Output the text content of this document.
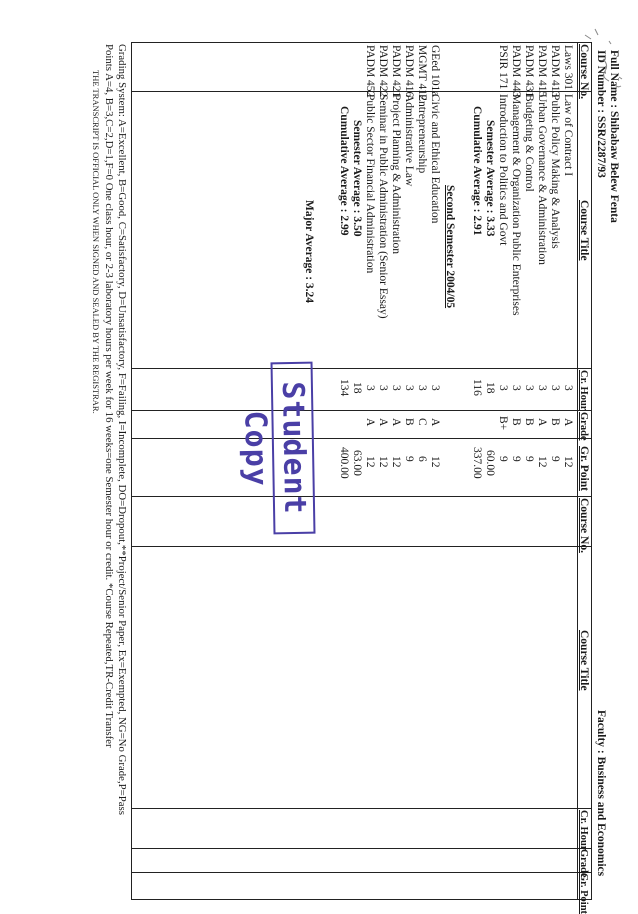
Full Name : Shibabaw Belew Fenta
ID Number : SSR/2287/93
Faculty : Business and Economics
Course No.
Course Title
Cr. Hour
Grade
Gr. Point
Course No.
Course Title
Cr. Hour
Grade
Gr. Point
Laws 301
Law of Contract I
3
A
12
PADM 413
Public Policy Making & Analysis
3
B
9
PADM 415
Urban Governance & Administration
3
A
12
PADM 431
Budgeting & Control
3
B
9
PADM 443
Management & Organization Public Enterprises
3
B
9
PSIR 171
Introduction to Politics and Govt
3
B+
9
Semester Average : 3.33
18
60.00
Cumulative Average : 2.91
116
337.00
Second Semester 2004/05
GEed 101a
Civic and Ethical Education
3
A
12
MGMT 412
Entrepreneurship
3
C
6
PADM 416
Administrative Law
3
B
9
PADM 421
Project Planning & Administration
3
A
12
PADM 422
Seminar in Public Administration (Senior Essay)
3
A
12
PADM 452
Public Sector Financial Administration
3
A
12
Semester Average : 3.50
18
63.00
Cumulative Average : 2.99
134
400.00
Major Average : 3.24
Student Copy
Grading System: A=Excellent, B=Good, C=Satisfactory, D=Unsatisfactory, F=Failing, I=Incomplete, DO=Dropout,**Project/Senior Paper, Ex=Exempted, NG=No Grade,P=Pass
Points A=4, B=3,C=2,D=1,F=0 One class hour, or 2-3 laboratory hours per week for 16 weeks=one Semester hour or credit. *Course Repeated,TR-Credit Transfer
THE TRANSCRIPT IS OFFICIAL ONLY WHEN SIGNED AND SEALED BY THE REGISTRAR.
